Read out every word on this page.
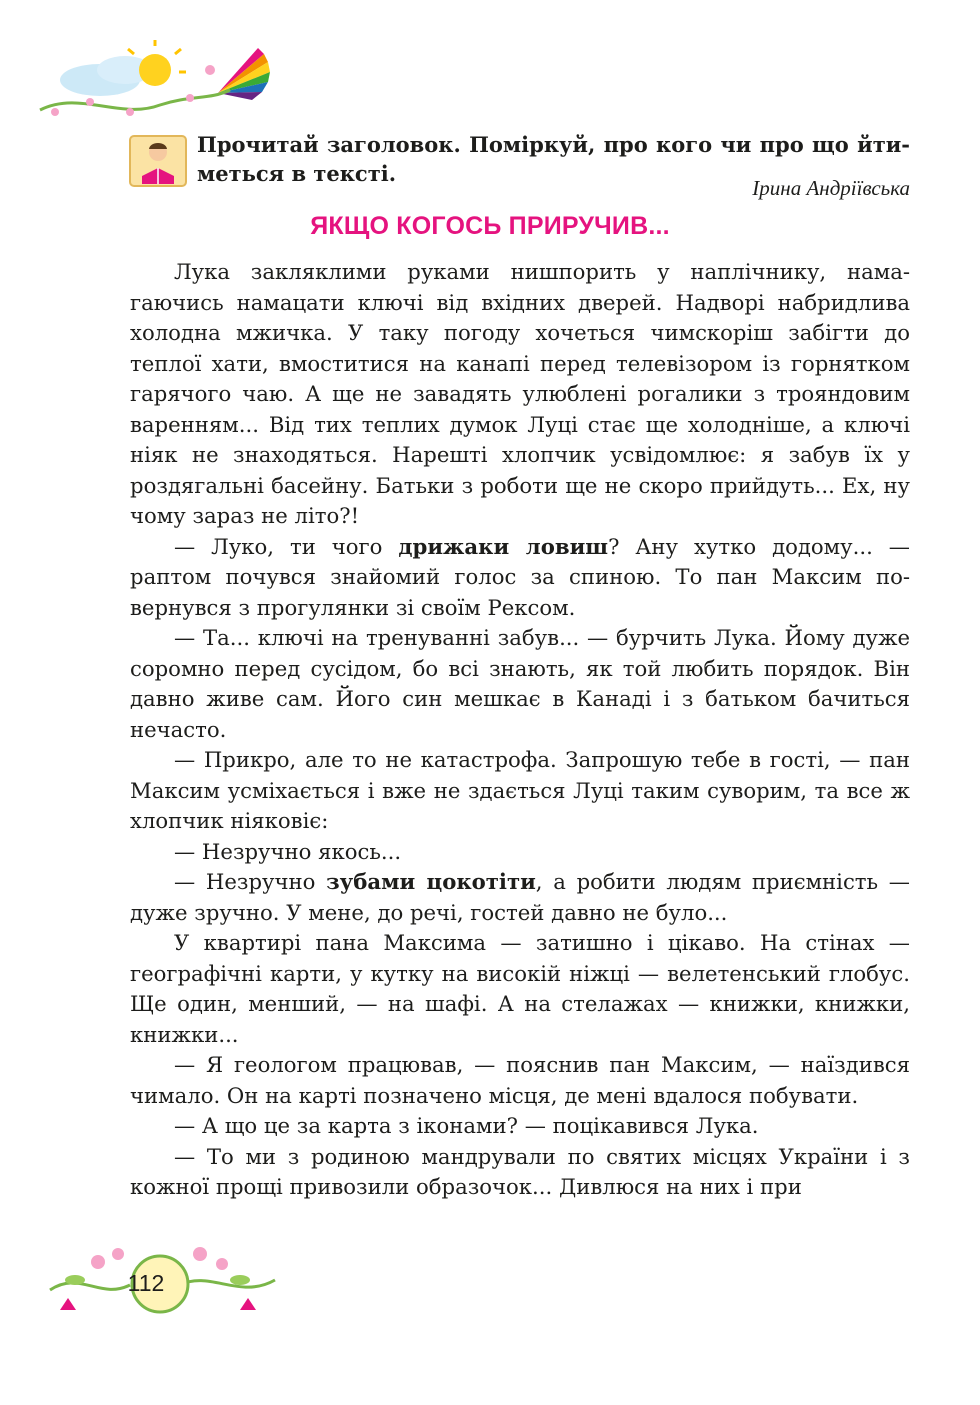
Прочитай заголовок. Поміркуй, про кого чи про що йтиметься в тексті.
Ірина Андріївська
ЯКЩО КОГОСЬ ПРИРУЧИВ...

Лука закляклими руками нишпорить у наплічнику, намагаючись намацати ключі від вхідних дверей. Надворі набридлива холодна мжичка. У таку погоду хочеться чимскоріш забігти до теплої хати, вмоститися на канапі перед телевізором із горнятком гарячого чаю. А ще не завадять улюблені рогалики з трояндовим варенням... Від тих теплих думок Луці стає ще холодніше, а ключі ніяк не знаходяться. Нарешті хлопчик усвідомлює: я забув їх у роздягальні басейну. Батьки з роботи ще не скоро прийдуть... Ех, ну чому зараз не літо?!

— Луко, ти чого дрижаки ловиш? Ану хутко додому... — раптом почувся знайомий голос за спиною. То пан Максим повернувся з прогулянки зі своїм Рексом.

— Та... ключі на тренуванні забув... — бурчить Лука. Йому дуже соромно перед сусідом, бо всі знають, як той любить порядок. Він давно живе сам. Його син мешкає в Канаді і з батьком бачиться нечасто.

— Прикро, але то не катастрофа. Запрошую тебе в гості, — пан Максим усміхається і вже не здається Луці таким суворим, та все ж хлопчик ніяковіє:

— Незручно якось...

— Незручно зубами цокотіти, а робити людям приємність — дуже зручно. У мене, до речі, гостей давно не було...

У квартирі пана Максима — затишно і цікаво. На стінах — географічні карти, у кутку на високій ніжці — велетенський глобус. Ще один, менший, — на шафі. А на стелажах — книжки, книжки, книжки...

— Я геологом працював, — пояснив пан Максим, — наїздився чимало. Он на карті позначено місця, де мені вдалося побувати.

— А що це за карта з іконами? — поцікавився Лука.

— То ми з родиною мандрували по святих місцях України і з кожної прощі привозили образочок... Дивлюся на них і при

112
